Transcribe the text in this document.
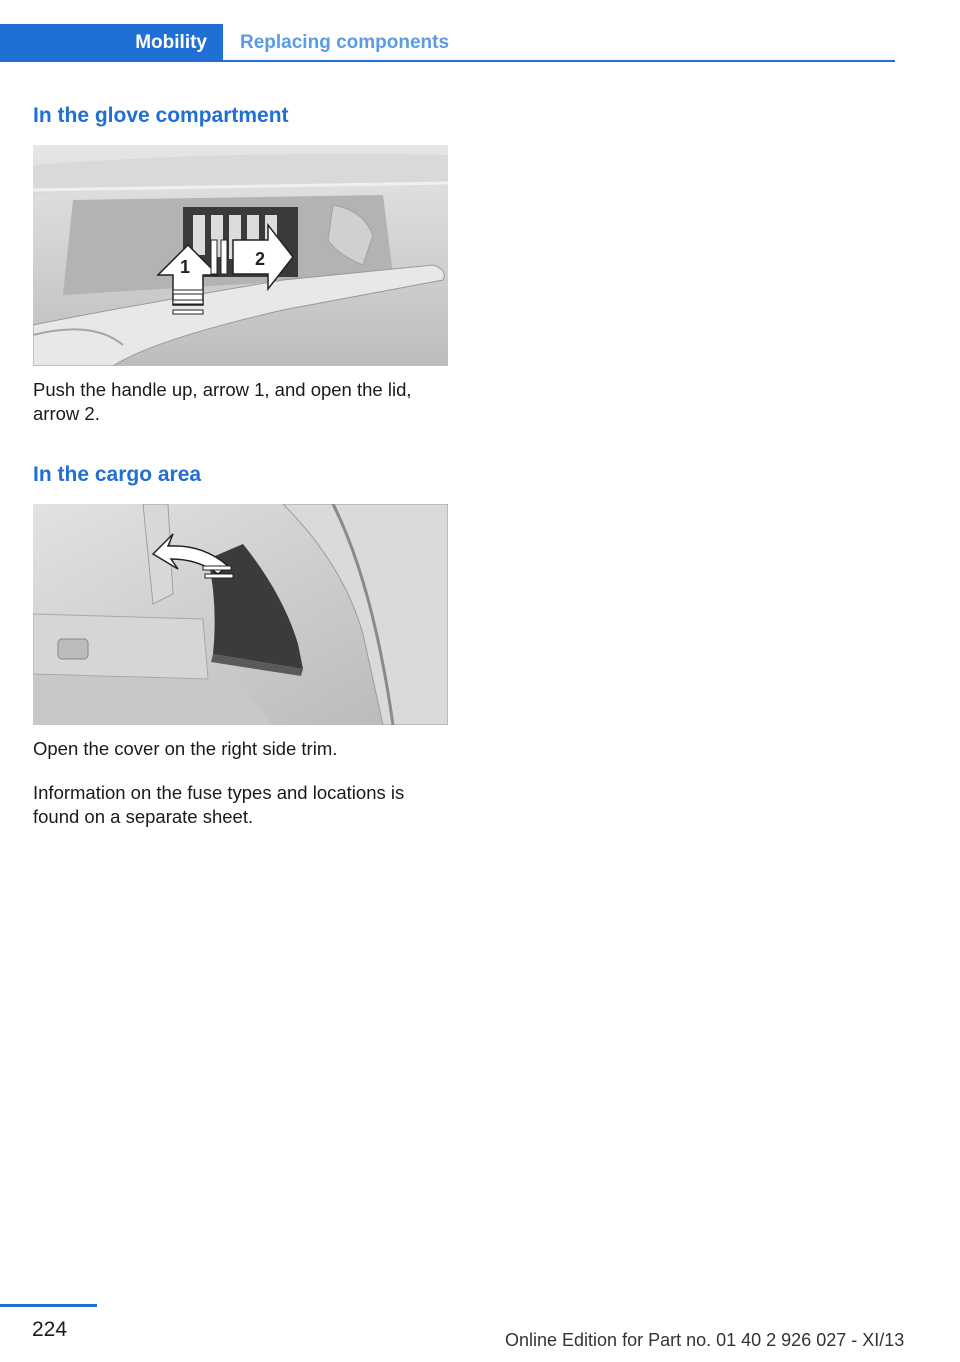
Mobility	Replacing components
In the glove compartment
1	2

Push the handle up, arrow 1, and open the lid, arrow 2.

In the cargo area

Open the cover on the right side trim.

Information on the fuse types and locations is found on a separate sheet.

224	Online Edition for Part no. 01 40 2 926 027 - XI/13
